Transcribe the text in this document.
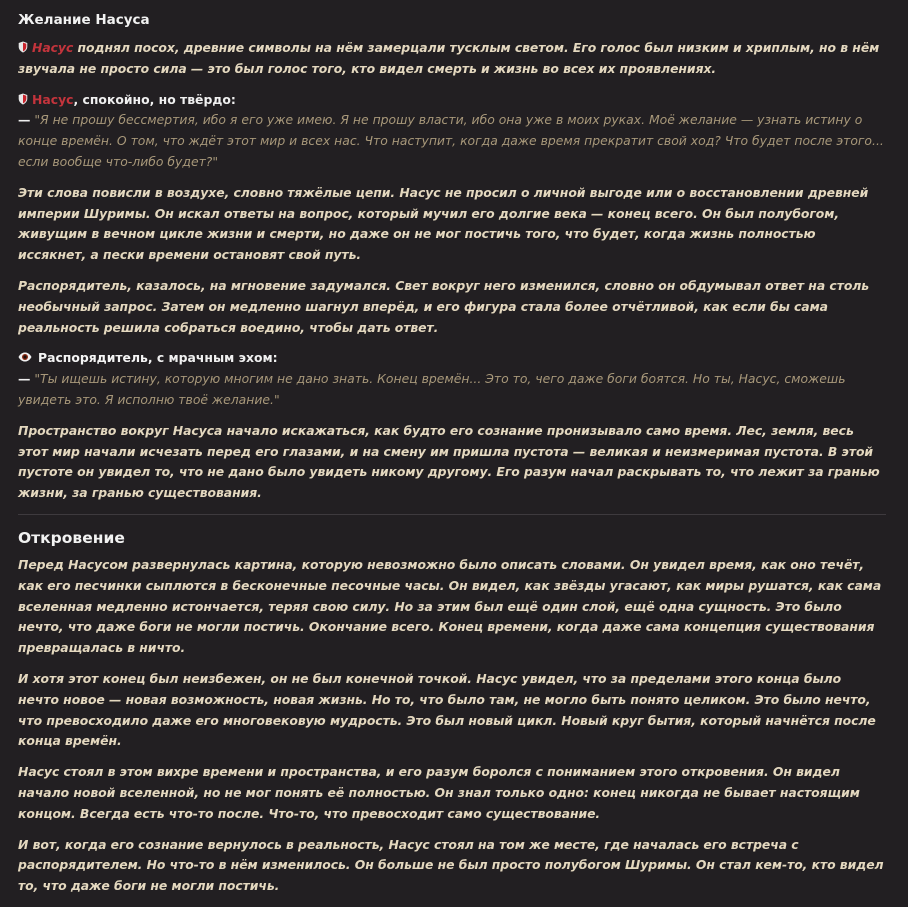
Желание Насуса

Насус поднял посох, древние символы на нём замерцали тусклым светом. Его голос был низким и хриплым, но в нём звучала не просто сила — это был голос того, кто видел смерть и жизнь во всех их проявлениях.

Насус, спокойно, но твёрдо:
— "Я не прошу бессмертия, ибо я его уже имею. Я не прошу власти, ибо она уже в моих руках. Моё желание — узнать истину о конце времён. О том, что ждёт этот мир и всех нас. Что наступит, когда даже время прекратит свой ход? Что будет после этого... если вообще что-либо будет?"

Эти слова повисли в воздухе, словно тяжёлые цепи. Насус не просил о личной выгоде или о восстановлении древней империи Шуримы. Он искал ответы на вопрос, который мучил его долгие века — конец всего. Он был полубогом, живущим в вечном цикле жизни и смерти, но даже он не мог постичь того, что будет, когда жизнь полностью иссякнет, а пески времени остановят свой путь.

Распорядитель, казалось, на мгновение задумался. Свет вокруг него изменился, словно он обдумывал ответ на столь необычный запрос. Затем он медленно шагнул вперёд, и его фигура стала более отчётливой, как если бы сама реальность решила собраться воедино, чтобы дать ответ.

Распорядитель, с мрачным эхом:
— "Ты ищешь истину, которую многим не дано знать. Конец времён... Это то, чего даже боги боятся. Но ты, Насус, сможешь увидеть это. Я исполню твоё желание."

Пространство вокруг Насуса начало искажаться, как будто его сознание пронизывало само время. Лес, земля, весь этот мир начали исчезать перед его глазами, и на смену им пришла пустота — великая и неизмеримая пустота. В этой пустоте он увидел то, что не дано было увидеть никому другому. Его разум начал раскрывать то, что лежит за гранью жизни, за гранью существования.

Откровение

Перед Насусом развернулась картина, которую невозможно было описать словами. Он увидел время, как оно течёт, как его песчинки сыплются в бесконечные песочные часы. Он видел, как звёзды угасают, как миры рушатся, как сама вселенная медленно истончается, теряя свою силу. Но за этим был ещё один слой, ещё одна сущность. Это было нечто, что даже боги не могли постичь. Окончание всего. Конец времени, когда даже сама концепция существования превращалась в ничто.

И хотя этот конец был неизбежен, он не был конечной точкой. Насус увидел, что за пределами этого конца было нечто новое — новая возможность, новая жизнь. Но то, что было там, не могло быть понято целиком. Это было нечто, что превосходило даже его многовековую мудрость. Это был новый цикл. Новый круг бытия, который начнётся после конца времён.

Насус стоял в этом вихре времени и пространства, и его разум боролся с пониманием этого откровения. Он видел начало новой вселенной, но не мог понять её полностью. Он знал только одно: конец никогда не бывает настоящим концом. Всегда есть что-то после. Что-то, что превосходит само существование.

И вот, когда его сознание вернулось в реальность, Насус стоял на том же месте, где началась его встреча с распорядителем. Но что-то в нём изменилось. Он больше не был просто полубогом Шуримы. Он стал кем-то, кто видел то, что даже боги не могли постичь.
